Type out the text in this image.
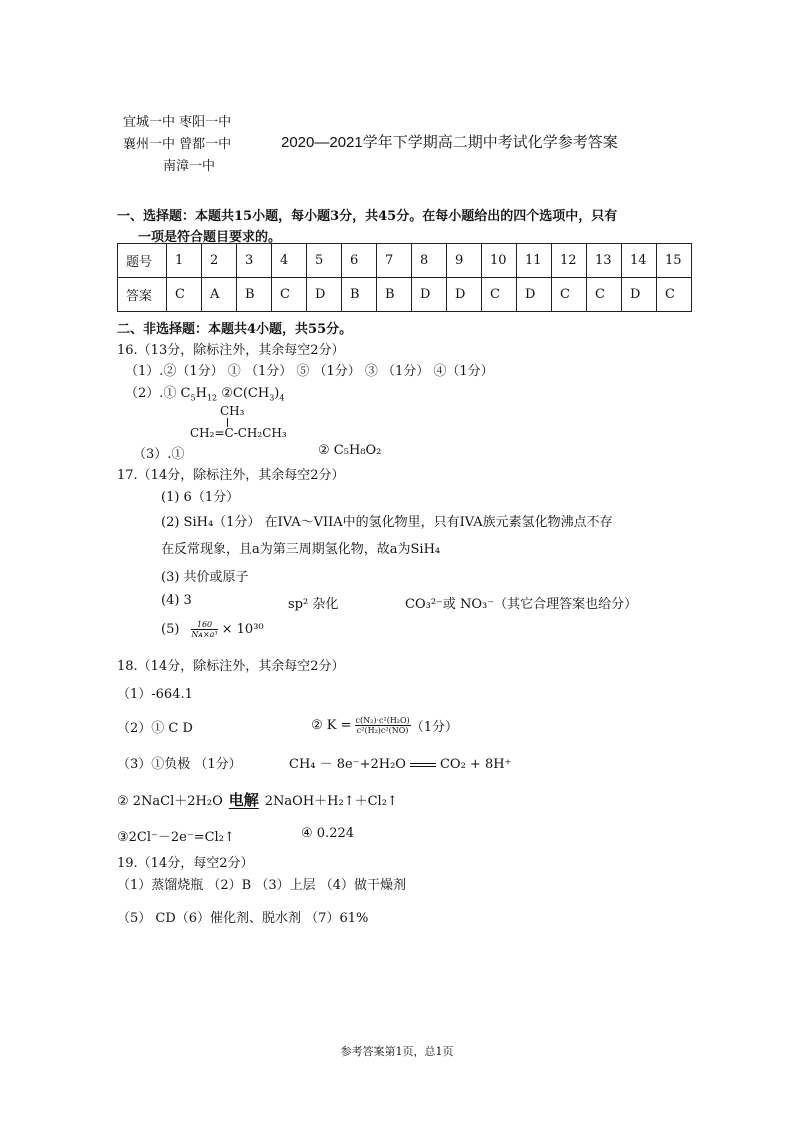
宜城一中 枣阳一中
襄州一中 曾都一中
南漳一中
2020—2021学年下学期高二期中考试化学参考答案
一、选择题：本题共15小题，每小题3分，共45分。在每小题给出的四个选项中，只有
一项是符合题目要求的。
题号	1	2	3	4	5	6	7	8	9	10	11	12	13	14	15
答案	C	A	B	C	D	B	B	D	D	C	D	C	C	D	C
二、非选择题：本题共4小题，共55分。
16.（13分，除标注外，其余每空2分）
（1）.②（1分） ① （1分） ⑤ （1分） ③ （1分） ④（1分）
（2）.① $C_5H_{12}$ $②C(CH_3)_4$
CH₃
CH₂=C-CH₂CH₃
（3）.①	② C₅H₈O₂
17.（14分，除标注外，其余每空2分）
(1) 6（1分）
(2) SiH₄（1分） 在IVA～VIIA中的氢化物里，只有IVA族元素氢化物沸点不存
在反常现象，且a为第三周期氢化物，故a为SiH₄
(3) 共价或原子
(4) 3	sp² 杂化	CO₃²⁻或 NO₃⁻（其它合理答案也给分）
$(5) \frac{160}{\text{Nᴀ×a³}} \times 10^{30}$
18.（14分，除标注外，其余每空2分）
（1）-664.1
（2）① C D	② $K = \frac{\text{c(N₂)·c²(H₂O)}}{\text{c²(H₂)c²(NO)}} (1$分）
（3）①负极 （1分）	CH₄ － 8e⁻+2H₂O	CO₂ + 8H⁺
② 2NaCl＋2H₂O 电解 2NaOH＋H₂↑＋Cl₂↑
③2Cl⁻－2e⁻=Cl₂↑	④ 0.224
19.（14分，每空2分）
（1）蒸馏烧瓶 （2）B （3）上层 （4）做干燥剂
（5） CD（6）催化剂、脱水剂 （7）61%
参考答案第1页，总1页
